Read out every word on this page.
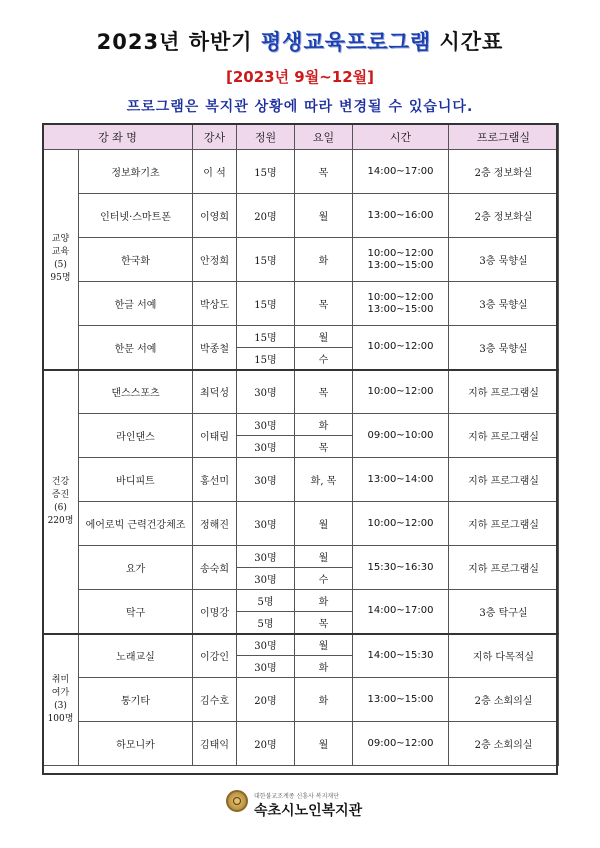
2023년 하반기 평생교육프로그램 시간표
[2023년 9월~12월]
프로그램은 복지관 상황에 따라 변경될 수 있습니다.
강 좌 명		강사	정원	요일	시간	프로그램실
교양
교육
(5)
95명	정보화기초	이 석	15명	목	14:00~17:00	2층 정보화실
	인터넷·스마트폰	이영희	20명	월	13:00~16:00	2층 정보화실
	한국화	안정희	15명	화	10:00~12:00
13:00~15:00	3층 묵향실
	한글 서예	박상도	15명	목	10:00~12:00
13:00~15:00	3층 묵향실
	한문 서예	박종철	15명	월	10:00~12:00	3층 묵향실
			15명	수		
건강
증진
(6)
220명	댄스스포츠	최덕성	30명	목	10:00~12:00	지하 프로그램실
	라인댄스	이태림	30명	화	09:00~10:00	지하 프로그램실
			30명	목		
	바디피트	홍선미	30명	화, 목	13:00~14:00	지하 프로그램실
	에어로빅 근력건강체조	정해진	30명	월	10:00~12:00	지하 프로그램실
	요가	송숙희	30명	월	15:30~16:30	지하 프로그램실
			30명	수		
	탁구	이명강	5명	화	14:00~17:00	3층 탁구실
			5명	목		
취미
여가
(3)
100명	노래교실	이강인	30명	월	14:00~15:30	지하 다목적실
			30명	화		
	통기타	김수호	20명	화	13:00~15:00	2층 소회의실
	하모니카	김태익	20명	월	09:00~12:00	2층 소회의실
대한불교조계종 신흥사 복지재단
속초시노인복지관
